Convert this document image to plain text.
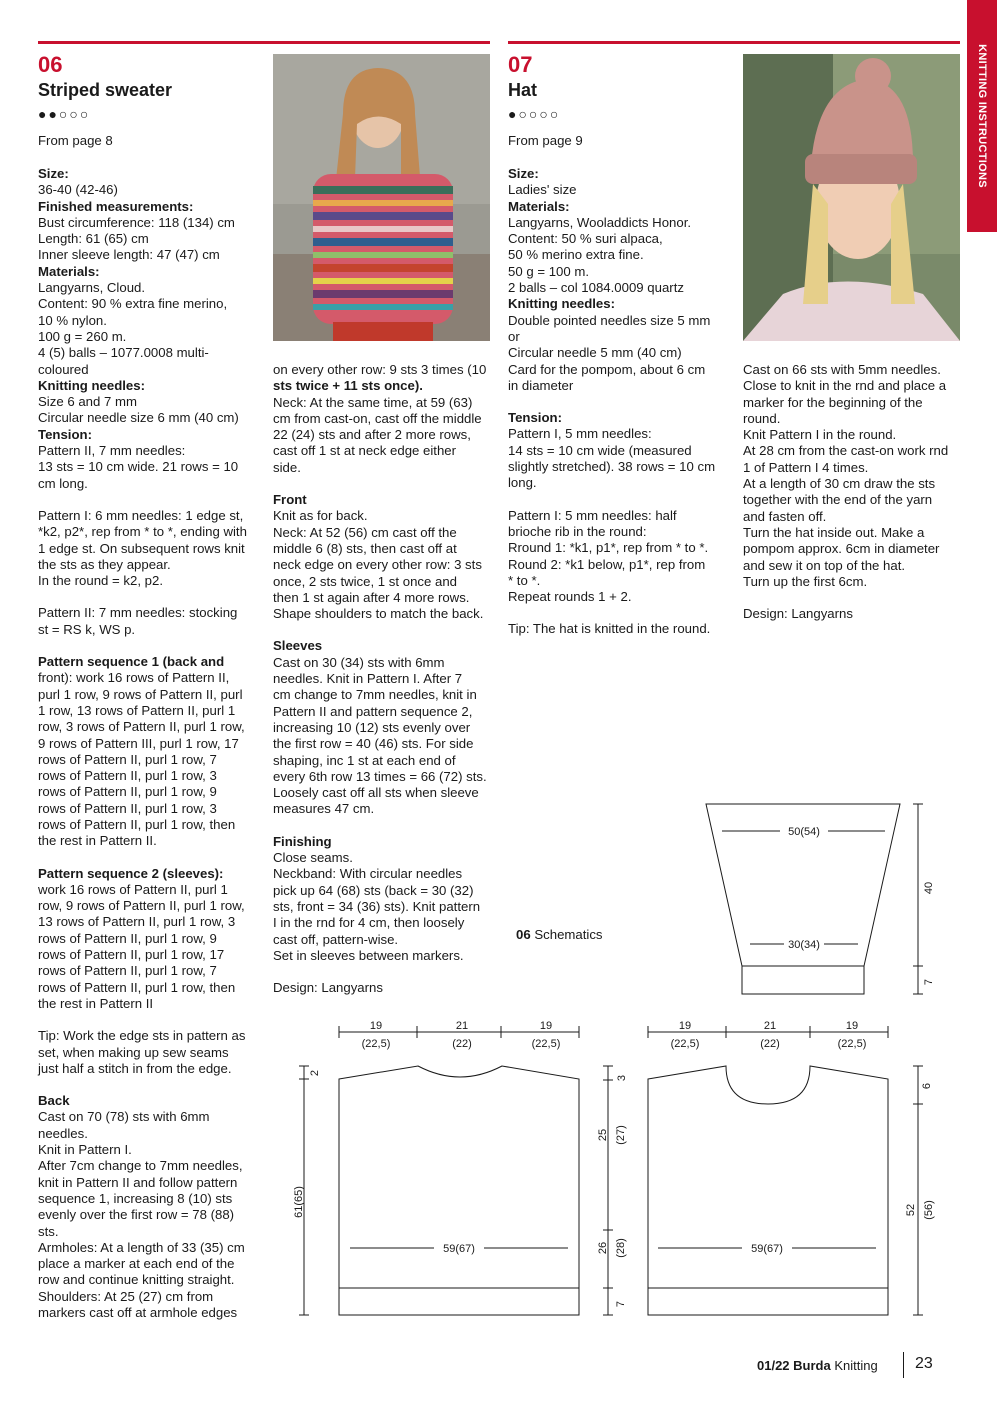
KNITTING INSTRUCTIONS
06
Striped sweater
●●○○○
From page 8
07
Hat
●○○○○
From page 9

Size:

36-40 (42-46)

Finished measurements:

Bust circumference: 118 (134) cm

Length: 61 (65) cm

Inner sleeve length: 47 (47) cm

Materials:

Langyarns, Cloud.

Content: 90 % extra fine merino,

10 % nylon.

100 g = 260 m.

4 (5) balls – 1077.0008 multi-

coloured

Knitting needles:

Size 6 and 7 mm

Circular needle size 6 mm (40 cm)

Tension:

Pattern II, 7 mm needles:

13 sts = 10 cm wide. 21 rows = 10

cm long.

Pattern I: 6 mm needles: 1 edge st,

*k2, p2*, rep from * to *, ending with

1 edge st. On subsequent rows knit

the sts as they appear.

In the round = k2, p2.

Pattern II: 7 mm needles: stocking

st = RS k, WS p.

Pattern sequence 1 (back and

front): work 16 rows of Pattern II,

purl 1 row, 9 rows of Pattern II, purl

1 row, 13 rows of Pattern II, purl 1

row, 3 rows of Pattern II, purl 1 row,

9 rows of Pattern III, purl 1 row, 17

rows of Pattern II, purl 1 row, 7

rows of Pattern II, purl 1 row, 3

rows of Pattern II, purl 1 row, 9

rows of Pattern II, purl 1 row, 3

rows of Pattern II, purl 1 row, then

the rest in Pattern II.

Pattern sequence 2 (sleeves):

work 16 rows of Pattern II, purl 1

row, 9 rows of Pattern II, purl 1 row,

13 rows of Pattern II, purl 1 row, 3

rows of Pattern II, purl 1 row, 9

rows of Pattern II, purl 1 row, 17

rows of Pattern II, purl 1 row, 7

rows of Pattern II, purl 1 row, then

the rest in Pattern II

Tip: Work the edge sts in pattern as

set, when making up sew seams

just half a stitch in from the edge.

Back

Cast on 70 (78) sts with 6mm

needles.

Knit in Pattern I.

After 7cm change to 7mm needles,

knit in Pattern II and follow pattern

sequence 1, increasing 8 (10) sts

evenly over the first row = 78 (88)

sts.

Armholes: At a length of 33 (35) cm

place a marker at each end of the

row and continue knitting straight.

Shoulders: At 25 (27) cm from

markers cast off at armhole edges

on every other row: 9 sts 3 times (10

sts twice + 11 sts once).

Neck: At the same time, at 59 (63)

cm from cast-on, cast off the middle

22 (24) sts and after 2 more rows,

cast off 1 st at neck edge either

side.

Front

Knit as for back.

Neck: At 52 (56) cm cast off the

middle 6 (8) sts, then cast off at

neck edge on every other row: 3 sts

once, 2 sts twice, 1 st once and

then 1 st again after 4 more rows.

Shape shoulders to match the back.

Sleeves

Cast on 30 (34) sts with 6mm

needles. Knit in Pattern I. After 7

cm change to 7mm needles, knit in

Pattern II and pattern sequence 2,

increasing 10 (12) sts evenly over

the first row = 40 (46) sts. For side

shaping, inc 1 st at each end of

every 6th row 13 times = 66 (72) sts.

Loosely cast off all sts when sleeve

measures 47 cm.

Finishing

Close seams.

Neckband: With circular needles

pick up 64 (68) sts (back = 30 (32)

sts, front = 34 (36) sts). Knit pattern

I in the rnd for 4 cm, then loosely

cast off, pattern-wise.

Set in sleeves between markers.

Design: Langyarns

Size:

Ladies' size

Materials:

Langyarns, Wooladdicts Honor.

Content: 50 % suri alpaca,

50 % merino extra fine.

50 g = 100 m.

2 balls – col 1084.0009 quartz

Knitting needles:

Double pointed needles size 5 mm

or

Circular needle 5 mm (40 cm)

Card for the pompom, about 6 cm

in diameter

Tension:

Pattern I, 5 mm needles:

14 sts = 10 cm wide (measured

slightly stretched). 38 rows = 10 cm

long.

Pattern I: 5 mm needles: half

brioche rib in the round:

Rround 1: *k1, p1*, rep from * to *.

Round 2: *k1 below, p1*, rep from

* to *.

Repeat rounds 1 + 2.

Tip: The hat is knitted in the round.

Cast on 66 sts with 5mm needles.

Close to knit in the rnd and place a

marker for the beginning of the

round.

Knit Pattern I in the round.

At 28 cm from the cast-on work rnd

1 of Pattern I 4 times.

At a length of 30 cm draw the sts

together with the end of the yarn

and fasten off.

Turn the hat inside out. Make a

pompom approx. 6cm in diameter

and sew it on top of the hat.

Turn up the first 6cm.

Design: Langyarns

06 Schematics
50(54)
30(34)
40
7
19
(22,5)
21
(22)
19
(22,5)
2
61(65)
59(67)
3
25 (27)
26 (28)
7
19
(22,5)
21
(22)
19
(22,5)
6
52 (56)
59(67)
01/22 Burda Knitting 23
